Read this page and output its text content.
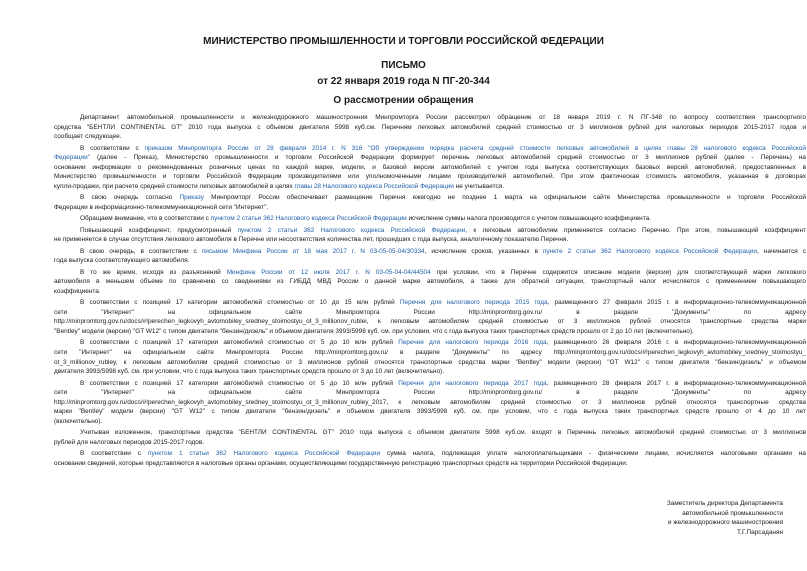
МИНИСТЕРСТВО ПРОМЫШЛЕННОСТИ И ТОРГОВЛИ РОССИЙСКОЙ ФЕДЕРАЦИИ
ПИСЬМО
от 22 января 2019 года N ПГ-20-344
О рассмотрении обращения
Департамент автомобильной промышленности и железнодорожного машиностроения Минпромторга России рассмотрел обращение от 18 января 2019 г. N ПГ-348 по вопросу соответствия транспортного
средства "БЕНТЛИ CONTINENTAL GT" 2010 года выпуска с объемом двигателя 5998 куб.см. Перечням легковых автомобилей средней стоимостью от 3 миллионов рублей для налоговых периодов 2015-2017 годов и
сообщает следующее.
В соответствии с приказом Минпромторга России от 28 февраля 2014 г. N 316 "Об утверждении порядка расчета средней стоимости легковых автомобилей в целях главы 28 налогового кодекса Российской
Федерации" (далее - Приказ), Министерство промышленности и торговли Российской Федерации формирует перечень легковых автомобилей средней стоимостью от 3 миллионов рублей (далее - Перечень) на
основании информации о рекомендованных розничных ценах по каждой марке, модели, и базовой версии автомобилей с учетом года выпуска соответствующих базовых версий автомобилей, предоставленных в
Министерство промышленности и торговли Российской Федерации производителями или уполномоченными лицами производителей автомобилей. При этом фактическая стоимость автомобиля, указанная в договорах
купли-продажи, при расчете средней стоимости легковых автомобилей в целях главы 28 Налогового кодекса Российской Федерации не учитывается.
В свою очередь согласно Приказу Минпромторг России обеспечивает размещение Перечня ежегодно не позднее 1 марта на официальном сайте Министерства промышленности и торговли Российской
Федерации в информационно-телекоммуникационной сети "Интернет".
Обращаем внимание, что в соответствии с пунктом 2 статьи 362 Налогового кодекса Российской Федерации исчисление суммы налога производится с учетом повышающего коэффициента.
Повышающий коэффициент, предусмотренный пунктом 2 статьи 362 Налогового кодекса Российской Федерации, к легковым автомобилям применяется согласно Перечню. При этом, повышающий коэффициент
не применяется в случае отсутствия легкового автомобиля в Перечне или несоответствия количества лет, прошедших с года выпуска, аналогичному показателю Перечня.
В свою очередь, в соответствии с письмом Минфина России от 18 мая 2017 г. N 03-05-05-04/30334, исчисление сроков, указанных в пункте 2 статьи 362 Налогового кодекса Российской Федерации, начинается с
года выпуска соответствующего автомобиля.
В то же время, исходя из разъяснений Минфина России от 12 июля 2017 г. N 03-05-04-04/44504 при условии, что в Перечне содержится описание модели (версии) для соответствующей марки легкового
автомобиля в меньшем объеме по сравнению со сведениями из ГИБДД МВД России о данной марке автомобиля, а также для обратной ситуации, транспортный налог исчисляется с применением повышающего
коэффициента.
В соответствии с позицией 17 категории автомобилей стоимостью от 10 до 15 млн рублей Перечня для налогового периода 2015 года, размещенного 27 февраля 2015 г. в информационно-телекоммуникационной
сети	"Интернет"	на	официальном	сайте	Минпромторга	России	http://minpromtorg.gov.ru/	в	разделе	"Документы"	по	адресу
http://minpromtorg.gov.ru/docs/#!perechen_legkovyh_avtomobiley_sredney_stoimostyu_ot_3_millionov_rublei, к легковым автомобилям средней стоимостью от 3 миллионов рублей относятся транспортные средства марки
"Bentley" модели (версии) "GT W12" с типом двигателя "бензин/дизель" и объемом двигателя 3993/5998 куб. см. при условии, что с года выпуска таких транспортных средств прошло от 2 до 10 лет (включительно).
В соответствии с позицией 17 категории автомобилей стоимостью от 5 до 10 млн рублей Перечня для налогового периода 2016 года, размещенного 26 февраля 2016 г. в информационно-телекоммуникационной
сети "Интернет" на официальном сайте Минпромторга России http://minpromtorg.gov.ru/ в разделе "Документы" по адресу http://minpromtorg.gov.ru/docs/#!perechen_legkovyh_avtomobiley_sredney_stoimostyu_
ot_3_millionov_rubley, к легковым автомобилям средней стоимостью от 3 миллионов рублей относятся транспортные средства марки "Bentley" модели (версии) "GT W12" с типом двигателя "бензин/дизель" и объемом
двигателя 3993/5998 куб. см. при условии, что с года выпуска таких транспортных средств прошло от 3 до 10 лет (включительно).
В соответствии с позицией 17 категории автомобилей стоимостью от 5 до 10 млн рублей Перечня для налогового периода 2017 года, размещенного 28 февраля 2017 г. в информационно-телекоммуникационной
сети	"Интернет"	на	официальном	сайте	Минпромторга	России	http://minpromtorg.gov.ru/	в	разделе	"Документы"	по	адресу
http://minpromtorg.gov.ru/docs/#!perechen_legkovyh_avtomobiley_sredney_stoimostyu_ot_3_millionov_rubley_2017, к легковым автомобилям средней стоимостью от 3 миллионов рублей относятся транспортные средства
марки "Bentley" модели (версии) "GT W12" с типом двигателя "бензин/дизель" и объемом двигателя 3993/5998 куб. см. при условии, что с года выпуска таких транспортных средств прошло от 4 до 10 лет
(включительно).
Учитывая изложенное, транспортные средства "БЕНТЛИ CONTINENTAL GT" 2010 года выпуска с объемом двигателя 5998 куб.см. входят в Перечень легковых автомобилей средней стоимостью от 3 миллионов
рублей для налоговых периодов 2015-2017 годов.
В соответствии с пунктом 1 статьи 362 Налогового кодекса Российской Федерации сумма налога, подлежащая уплате налогоплательщиками - физическими лицами, исчисляется налоговыми органами на
основании сведений, которые представляются в налоговые органы органами, осуществляющими государственную регистрацию транспортных средств на территории Российской Федерации.
Заместитель директора Департамента
автомобильной промышленности
и железнодорожного машиностроения
Т.Г.Парсаданян
